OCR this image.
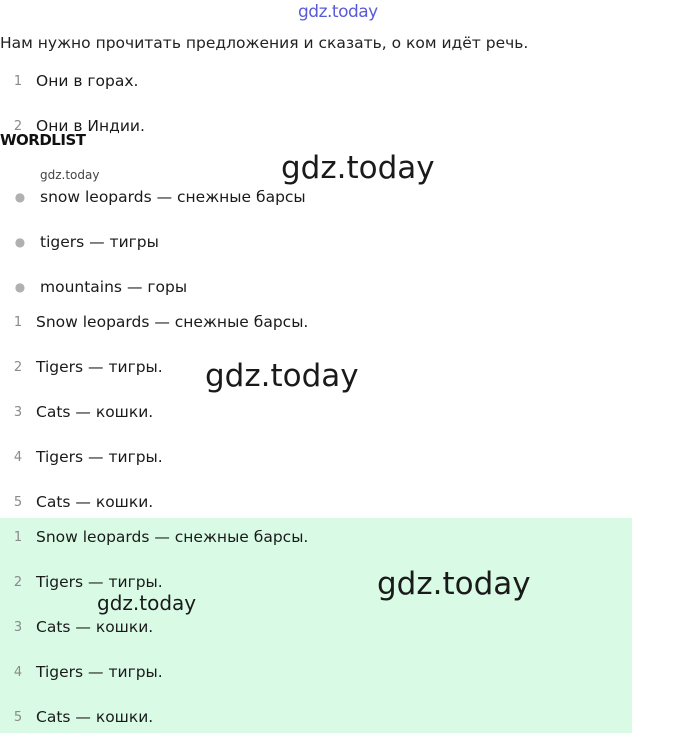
gdz.today
Нам нужно прочитать предложения и сказать, о ком идёт речь.
1 Они в горах.
2 Они в Индии.
WORDLIST
gdz.today	gdz.today
● snow leopards — снежные барсы
● tigers — тигры
● mountains — горы
1 Snow leopards — снежные барсы.
2 Tigers — тигры.
3 Cats — кошки.
4 Tigers — тигры.
5 Cats — кошки.
gdz.today
1 Snow leopards — снежные барсы.
2 Tigers — тигры.
3 Cats — кошки.
4 Tigers — тигры.
5 Cats — кошки.
gdz.today
gdz.today
